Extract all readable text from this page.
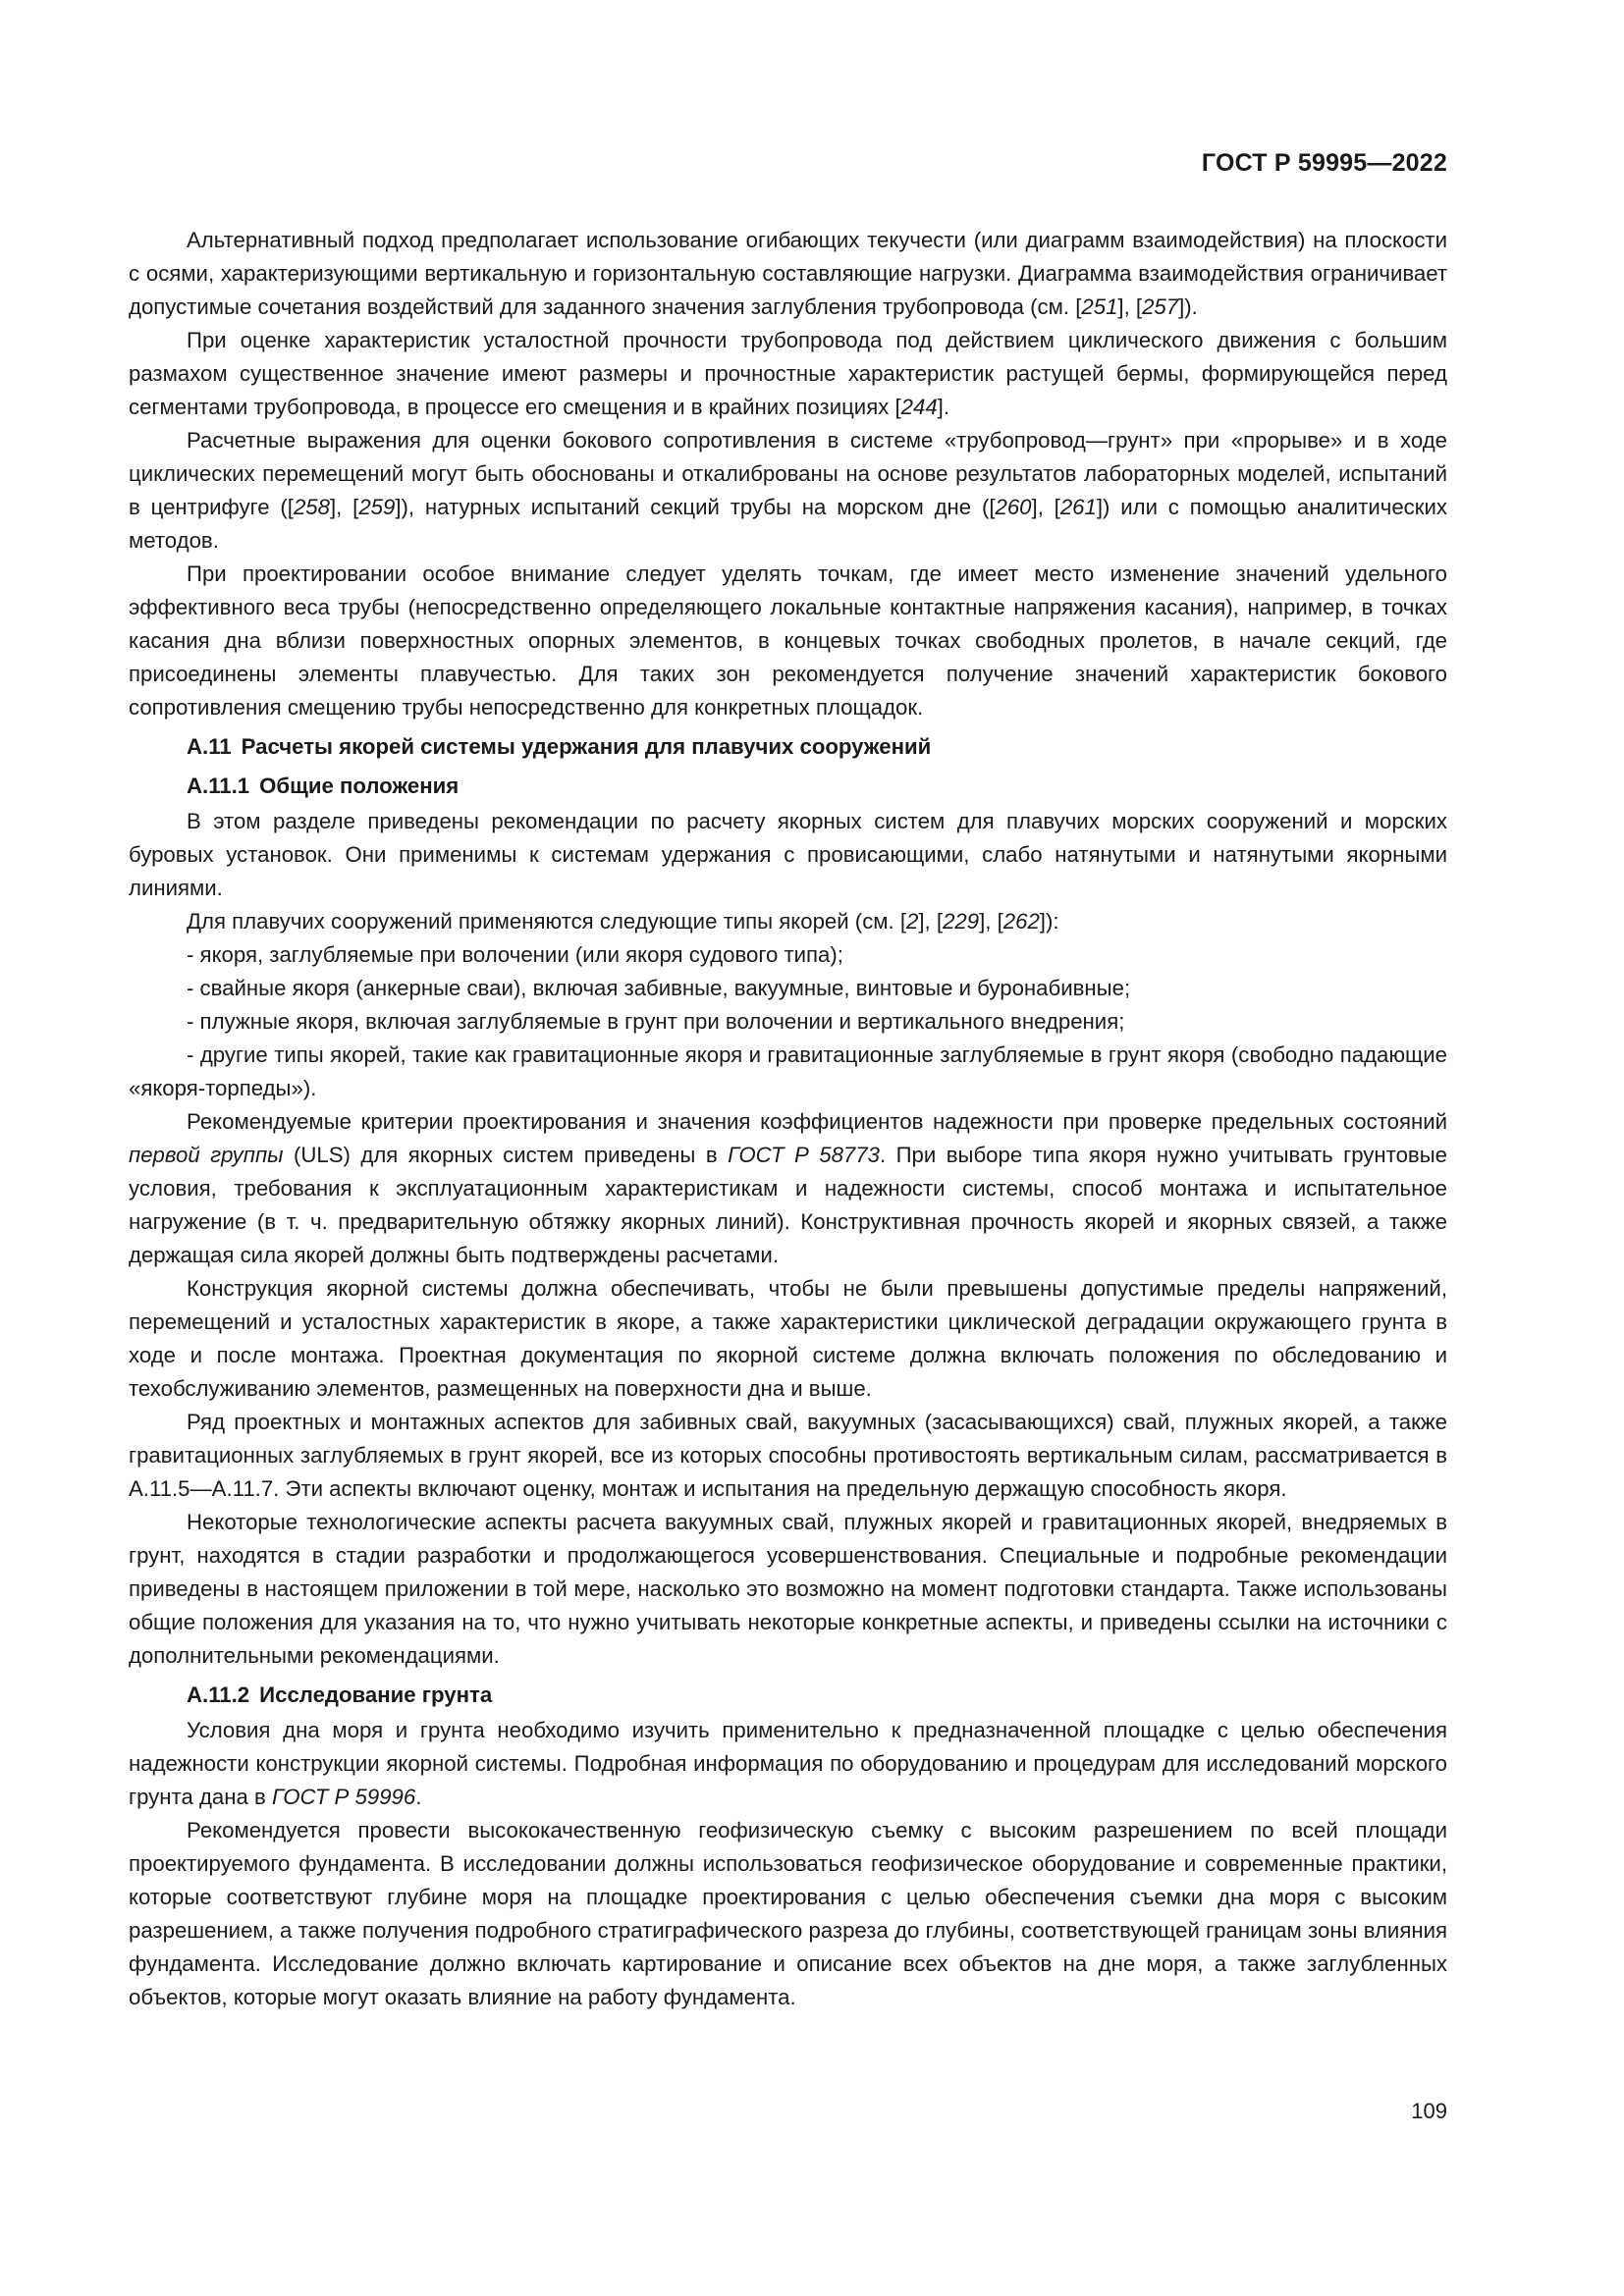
ГОСТ Р 59995—2022

Альтернативный подход предполагает использование огибающих текучести (или диаграмм взаимодействия) на плоскости с осями, характеризующими вертикальную и горизонтальную составляющие нагрузки. Диаграмма взаимодействия ограничивает допустимые сочетания воздействий для заданного значения заглубления трубопровода (см. [251], [257]).

При оценке характеристик усталостной прочности трубопровода под действием циклического движения с большим размахом существенное значение имеют размеры и прочностные характеристик растущей бермы, формирующейся перед сегментами трубопровода, в процессе его смещения и в крайних позициях [244].

Расчетные выражения для оценки бокового сопротивления в системе «трубопровод—грунт» при «прорыве» и в ходе циклических перемещений могут быть обоснованы и откалиброваны на основе результатов лабораторных моделей, испытаний в центрифуге ([258], [259]), натурных испытаний секций трубы на морском дне ([260], [261]) или с помощью аналитических методов.

При проектировании особое внимание следует уделять точкам, где имеет место изменение значений удельного эффективного веса трубы (непосредственно определяющего локальные контактные напряжения касания), например, в точках касания дна вблизи поверхностных опорных элементов, в концевых точках свободных пролетов, в начале секций, где присоединены элементы плавучестью. Для таких зон рекомендуется получение значений характеристик бокового сопротивления смещению трубы непосредственно для конкретных площадок.

А.11 Расчеты якорей системы удержания для плавучих сооружений

А.11.1 Общие положения

В этом разделе приведены рекомендации по расчету якорных систем для плавучих морских сооружений и морских буровых установок. Они применимы к системам удержания с провисающими, слабо натянутыми и натянутыми якорными линиями.

Для плавучих сооружений применяются следующие типы якорей (см. [2], [229], [262]):

- якоря, заглубляемые при волочении (или якоря судового типа);

- свайные якоря (анкерные сваи), включая забивные, вакуумные, винтовые и буронабивные;

- плужные якоря, включая заглубляемые в грунт при волочении и вертикального внедрения;

- другие типы якорей, такие как гравитационные якоря и гравитационные заглубляемые в грунт якоря (свободно падающие «якоря-торпеды»).

Рекомендуемые критерии проектирования и значения коэффициентов надежности при проверке предельных состояний первой группы (ULS) для якорных систем приведены в ГОСТ Р 58773. При выборе типа якоря нужно учитывать грунтовые условия, требования к эксплуатационным характеристикам и надежности системы, способ монтажа и испытательное нагружение (в т. ч. предварительную обтяжку якорных линий). Конструктивная прочность якорей и якорных связей, а также держащая сила якорей должны быть подтверждены расчетами.

Конструкция якорной системы должна обеспечивать, чтобы не были превышены допустимые пределы напряжений, перемещений и усталостных характеристик в якоре, а также характеристики циклической деградации окружающего грунта в ходе и после монтажа. Проектная документация по якорной системе должна включать положения по обследованию и техобслуживанию элементов, размещенных на поверхности дна и выше.

Ряд проектных и монтажных аспектов для забивных свай, вакуумных (засасывающихся) свай, плужных якорей, а также гравитационных заглубляемых в грунт якорей, все из которых способны противостоять вертикальным силам, рассматривается в А.11.5—А.11.7. Эти аспекты включают оценку, монтаж и испытания на предельную держащую способность якоря.

Некоторые технологические аспекты расчета вакуумных свай, плужных якорей и гравитационных якорей, внедряемых в грунт, находятся в стадии разработки и продолжающегося усовершенствования. Специальные и подробные рекомендации приведены в настоящем приложении в той мере, насколько это возможно на момент подготовки стандарта. Также использованы общие положения для указания на то, что нужно учитывать некоторые конкретные аспекты, и приведены ссылки на источники с дополнительными рекомендациями.

А.11.2 Исследование грунта

Условия дна моря и грунта необходимо изучить применительно к предназначенной площадке с целью обеспечения надежности конструкции якорной системы. Подробная информация по оборудованию и процедурам для исследований морского грунта дана в ГОСТ Р 59996.

Рекомендуется провести высококачественную геофизическую съемку с высоким разрешением по всей площади проектируемого фундамента. В исследовании должны использоваться геофизическое оборудование и современные практики, которые соответствуют глубине моря на площадке проектирования с целью обеспечения съемки дна моря с высоким разрешением, а также получения подробного стратиграфического разреза до глубины, соответствующей границам зоны влияния фундамента. Исследование должно включать картирование и описание всех объектов на дне моря, а также заглубленных объектов, которые могут оказать влияние на работу фундамента.

109
